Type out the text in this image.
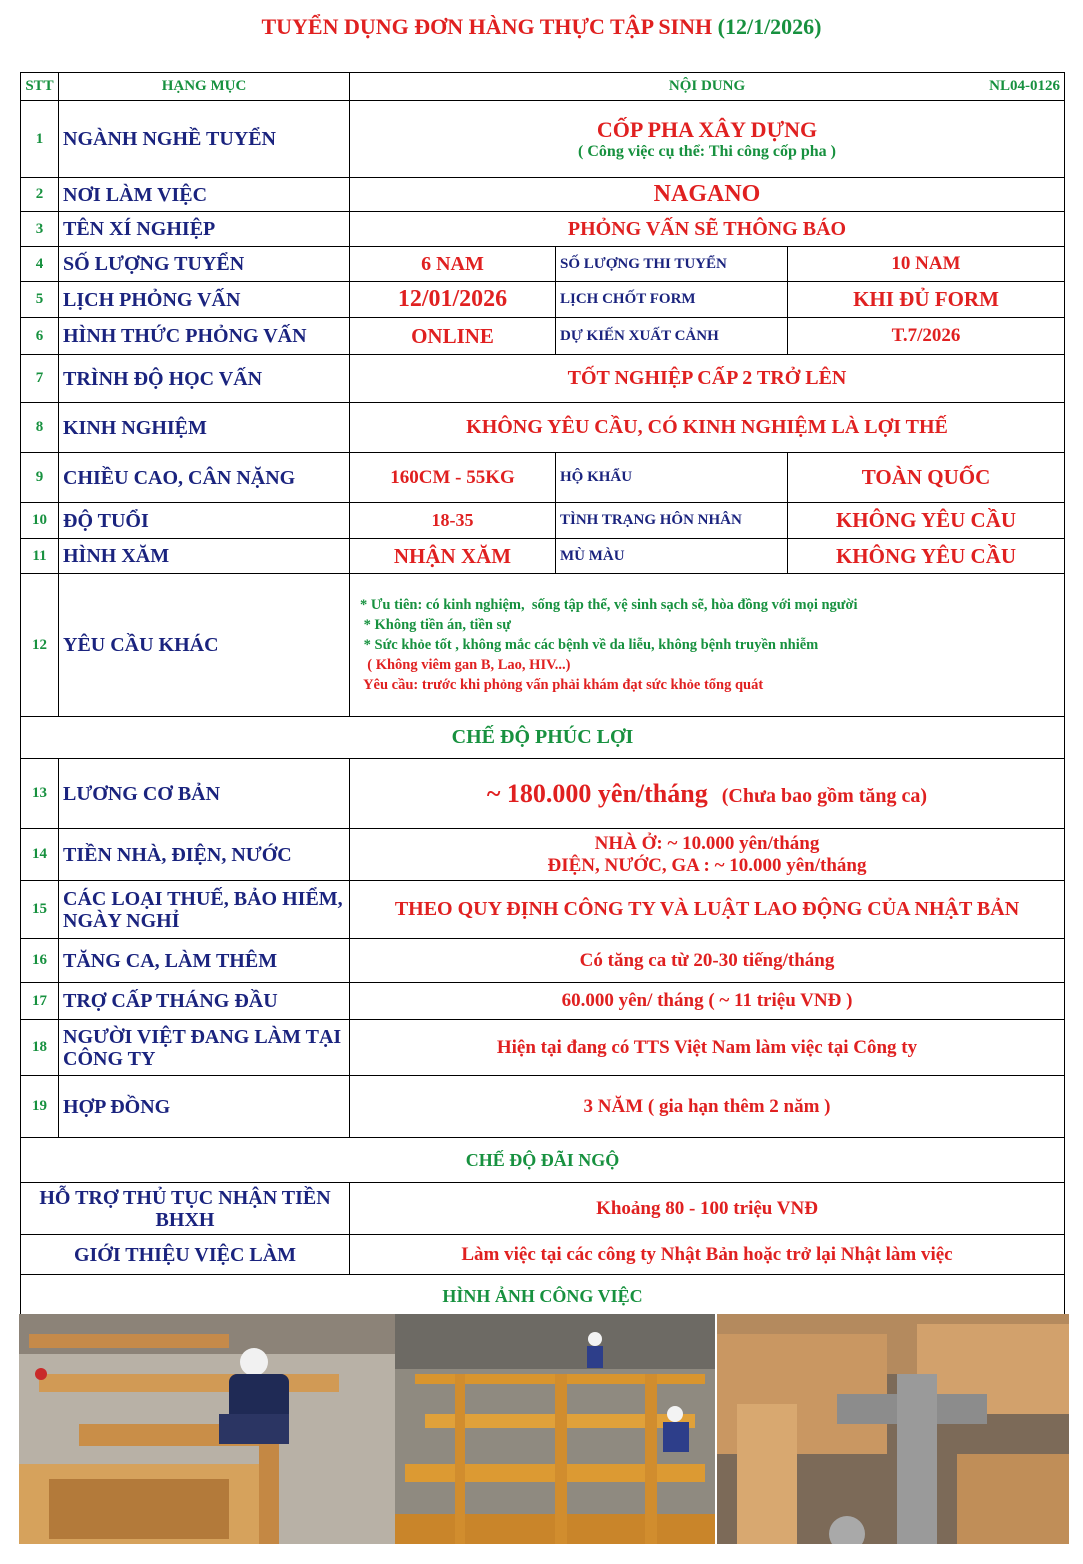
TUYỂN DỤNG ĐƠN HÀNG THỰC TẬP SINH (12/1/2026)
STT	HẠNG MỤC	NỘI DUNG NL04-0126		

1	NGÀNH NGHỀ TUYỂN	CỐP PHA XÂY DỰNG
( Công việc cụ thể: Thi công cốp pha )		

2	NƠI LÀM VIỆC	NAGANO		
3	TÊN XÍ NGHIỆP	PHỎNG VẤN SẼ THÔNG BÁO		
4	SỐ LƯỢNG TUYỂN	6 NAM	SỐ LƯỢNG THI TUYỂN	10 NAM
5	LỊCH PHỎNG VẤN	12/01/2026	LỊCH CHỐT FORM	KHI ĐỦ FORM
6	HÌNH THỨC PHỎNG VẤN	ONLINE	DỰ KIẾN XUẤT CẢNH	T.7/2026
7	TRÌNH ĐỘ HỌC VẤN	TỐT NGHIỆP CẤP 2 TRỞ LÊN		
8	KINH NGHIỆM	KHÔNG YÊU CẦU, CÓ KINH NGHIỆM LÀ LỢI THẾ		
9	CHIỀU CAO, CÂN NẶNG	160CM - 55KG	HỘ KHẨU	TOÀN QUỐC
10	ĐỘ TUỔI	18-35	TÌNH TRẠNG HÔN NHÂN	KHÔNG YÊU CẦU
11	HÌNH XĂM	NHẬN XĂM	MÙ MÀU	KHÔNG YÊU CẦU
12	YÊU CẦU KHÁC	* Ưu tiên: có kinh nghiệm,  sống tập thể, vệ sinh sạch sẽ, hòa đồng với mọi người
* Không tiền án, tiền sự
* Sức khỏe tốt , không mắc các bệnh về da liễu, không bệnh truyền nhiễm
( Không viêm gan B, Lao, HIV...)
Yêu cầu: trước khi phỏng vấn phải khám đạt sức khỏe tổng quát		

CHẾ ĐỘ PHÚC LỢI				
13	LƯƠNG CƠ BẢN	~ 180.000 yên/tháng (Chưa bao gồm tăng ca)		
14	TIỀN NHÀ, ĐIỆN, NƯỚC	NHÀ Ở: ~ 10.000 yên/tháng
ĐIỆN, NƯỚC, GA : ~ 10.000 yên/tháng		

15	CÁC LOẠI THUẾ, BẢO HIỂM, NGÀY NGHỈ	THEO QUY ĐỊNH CÔNG TY VÀ LUẬT LAO ĐỘNG CỦA NHẬT BẢN		
16	TĂNG CA, LÀM THÊM	Có tăng ca từ 20-30 tiếng/tháng		
17	TRỢ CẤP THÁNG ĐẦU	60.000 yên/ tháng ( ~ 11 triệu VNĐ )		
18	NGƯỜI VIỆT ĐANG LÀM TẠI CÔNG TY	Hiện tại đang có TTS Việt Nam làm việc tại Công ty		
19	HỢP ĐỒNG	3 NĂM ( gia hạn thêm 2 năm )		
CHẾ ĐỘ ĐÃI NGỘ				
HỖ TRỢ THỦ TỤC NHẬN TIỀN BHXH		Khoảng 80 - 100 triệu VNĐ		
GIỚI THIỆU VIỆC LÀM		Làm việc tại các công ty Nhật Bản hoặc trở lại Nhật làm việc		
HÌNH ẢNH CÔNG VIỆC				
